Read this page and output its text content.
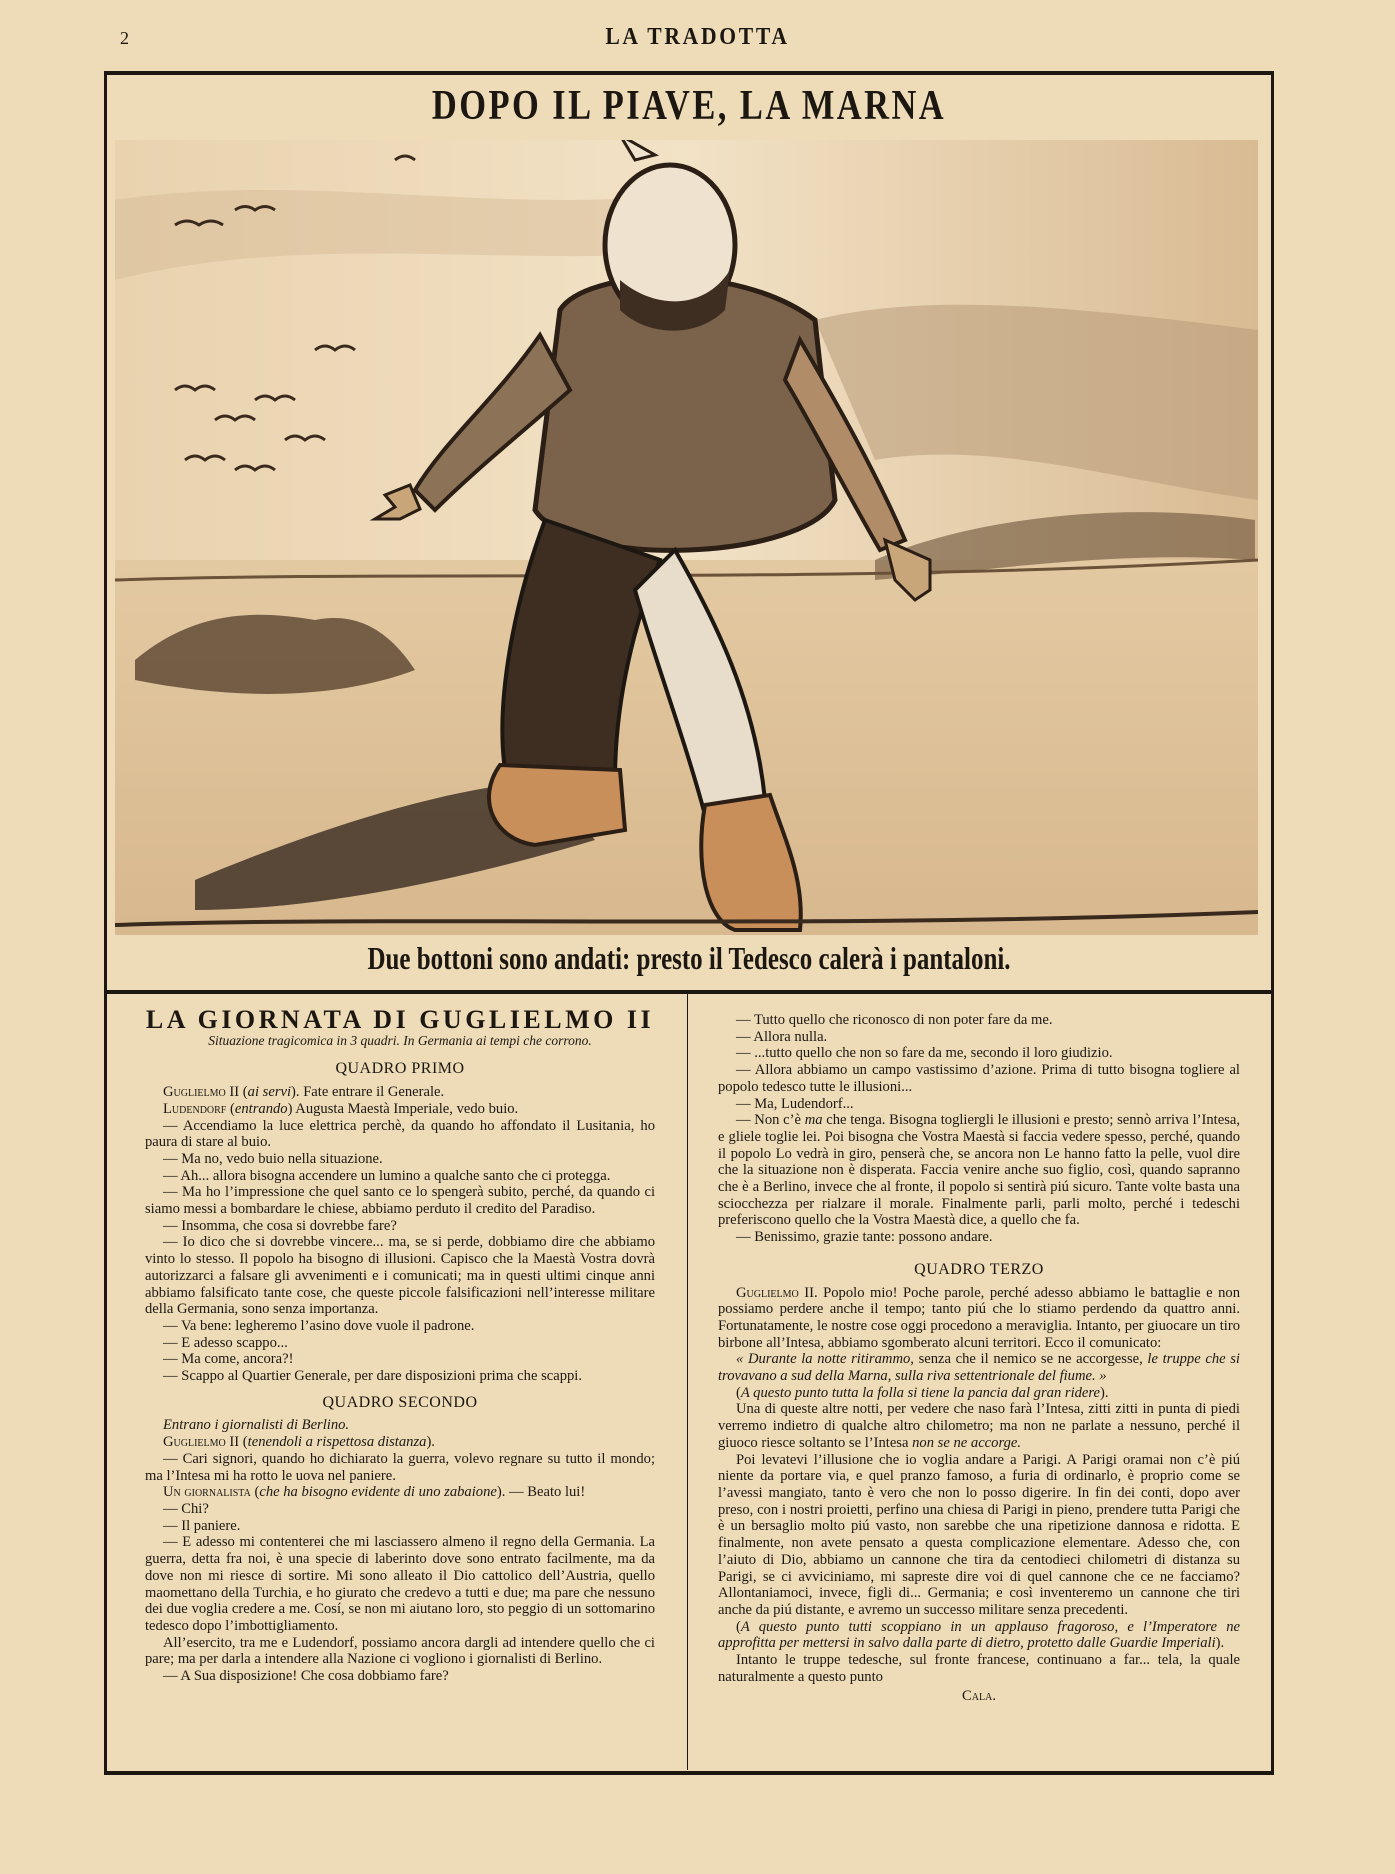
2	LA TRADOTTA
DOPO IL PIAVE, LA MARNA
Due bottoni sono andati: presto il Tedesco calerà i pantaloni.
LA GIORNATA DI GUGLIELMO II
Situazione tragicomica in 3 quadri. In Germania ai tempi che corrono.
QUADRO PRIMO

Guglielmo II (ai servi). Fate entrare il Generale.

Ludendorf (entrando) Augusta Maestà Imperiale, vedo buio.

— Accendiamo la luce elettrica perchè, da quando ho affondato il Lusitania, ho paura di stare al buio.

— Ma no, vedo buio nella situazione.

— Ah... allora bisogna accendere un lumino a qualche santo che ci protegga.

— Ma ho l’impressione che quel santo ce lo spengerà subito, perché, da quando ci siamo messi a bombardare le chiese, abbiamo perduto il credito del Paradiso.

— Insomma, che cosa si dovrebbe fare?

— Io dico che si dovrebbe vincere... ma, se si perde, dobbiamo dire che abbiamo vinto lo stesso. Il popolo ha bisogno di illusioni. Capisco che la Maestà Vostra dovrà autorizzarci a falsare gli avvenimenti e i comunicati; ma in questi ultimi cinque anni abbiamo falsificato tante cose, che queste piccole falsificazioni nell’interesse militare della Germania, sono senza importanza.

— Va bene: legheremo l’asino dove vuole il padrone.

— E adesso scappo...

— Ma come, ancora?!

— Scappo al Quartier Generale, per dare disposizioni prima che scappi.

QUADRO SECONDO

Entrano i giornalisti di Berlino.

Guglielmo II (tenendoli a rispettosa distanza).

— Cari signori, quando ho dichiarato la guerra, volevo regnare su tutto il mondo; ma l’Intesa mi ha rotto le uova nel paniere.

Un giornalista (che ha bisogno evidente di uno zabaione). — Beato lui!

— Chi?

— Il paniere.

— E adesso mi contenterei che mi lasciassero almeno il regno della Germania. La guerra, detta fra noi, è una specie di laberinto dove sono entrato facilmente, ma da dove non mi riesce di sortire. Mi sono alleato il Dio cattolico dell’Austria, quello maomettano della Turchia, e ho giurato che credevo a tutti e due; ma pare che nessuno dei due voglia credere a me. Cosí, se non mi aiutano loro, sto peggio di un sottomarino tedesco dopo l’imbottigliamento.

All’esercito, tra me e Ludendorf, possiamo ancora dargli ad intendere quello che ci pare; ma per darla a intendere alla Nazione ci vogliono i giornalisti di Berlino.

— A Sua disposizione! Che cosa dobbiamo fare?

— Tutto quello che riconosco di non poter fare da me.

— Allora nulla.

— ...tutto quello che non so fare da me, secondo il loro giudizio.

— Allora abbiamo un campo vastissimo d’azione. Prima di tutto bisogna togliere al popolo tedesco tutte le illusioni...

— Ma, Ludendorf...

— Non c’è ma che tenga. Bisogna togliergli le illusioni e presto; sennò arriva l’Intesa, e gliele toglie lei. Poi bisogna che Vostra Maestà si faccia vedere spesso, perché, quando il popolo Lo vedrà in giro, penserà che, se ancora non Le hanno fatto la pelle, vuol dire che la situazione non è disperata. Faccia venire anche suo figlio, così, quando sapranno che è a Berlino, invece che al fronte, il popolo si sentirà piú sicuro. Tante volte basta una sciocchezza per rialzare il morale. Finalmente parli, parli molto, perché i tedeschi preferiscono quello che la Vostra Maestà dice, a quello che fa.

— Benissimo, grazie tante: possono andare.

QUADRO TERZO

Guglielmo II. Popolo mio! Poche parole, perché adesso abbiamo le battaglie e non possiamo perdere anche il tempo; tanto piú che lo stiamo perdendo da quattro anni. Fortunatamente, le nostre cose oggi procedono a meraviglia. Intanto, per giuocare un tiro birbone all’Intesa, abbiamo sgomberato alcuni territori. Ecco il comunicato:

« Durante la notte ritirammo, senza che il nemico se ne accorgesse, le truppe che si trovavano a sud della Marna, sulla riva settentrionale del fiume. »

(A questo punto tutta la folla si tiene la pancia dal gran ridere).

Una di queste altre notti, per vedere che naso farà l’Intesa, zitti zitti in punta di piedi verremo indietro di qualche altro chilometro; ma non ne parlate a nessuno, perché il giuoco riesce soltanto se l’Intesa non se ne accorge.

Poi levatevi l’illusione che io voglia andare a Parigi. A Parigi oramai non c’è piú niente da portare via, e quel pranzo famoso, a furia di ordinarlo, è proprio come se l’avessi mangiato, tanto è vero che non lo posso digerire. In fin dei conti, dopo aver preso, con i nostri proietti, perfino una chiesa di Parigi in pieno, prendere tutta Parigi che è un bersaglio molto piú vasto, non sarebbe che una ripetizione dannosa e ridotta. E finalmente, non avete pensato a questa complicazione elementare. Adesso che, con l’aiuto di Dio, abbiamo un cannone che tira da centodieci chilometri di distanza su Parigi, se ci avviciniamo, mi sapreste dire voi di quel cannone che ce ne facciamo? Allontaniamoci, invece, figli di... Germania; e così inventeremo un cannone che tiri anche da piú distante, e avremo un successo militare senza precedenti.

(A questo punto tutti scoppiano in un applauso fragoroso, e l’Imperatore ne approfitta per mettersi in salvo dalla parte di dietro, protetto dalle Guardie Imperiali).

Intanto le truppe tedesche, sul fronte francese, continuano a far... tela, la quale naturalmente a questo punto

Cala.
